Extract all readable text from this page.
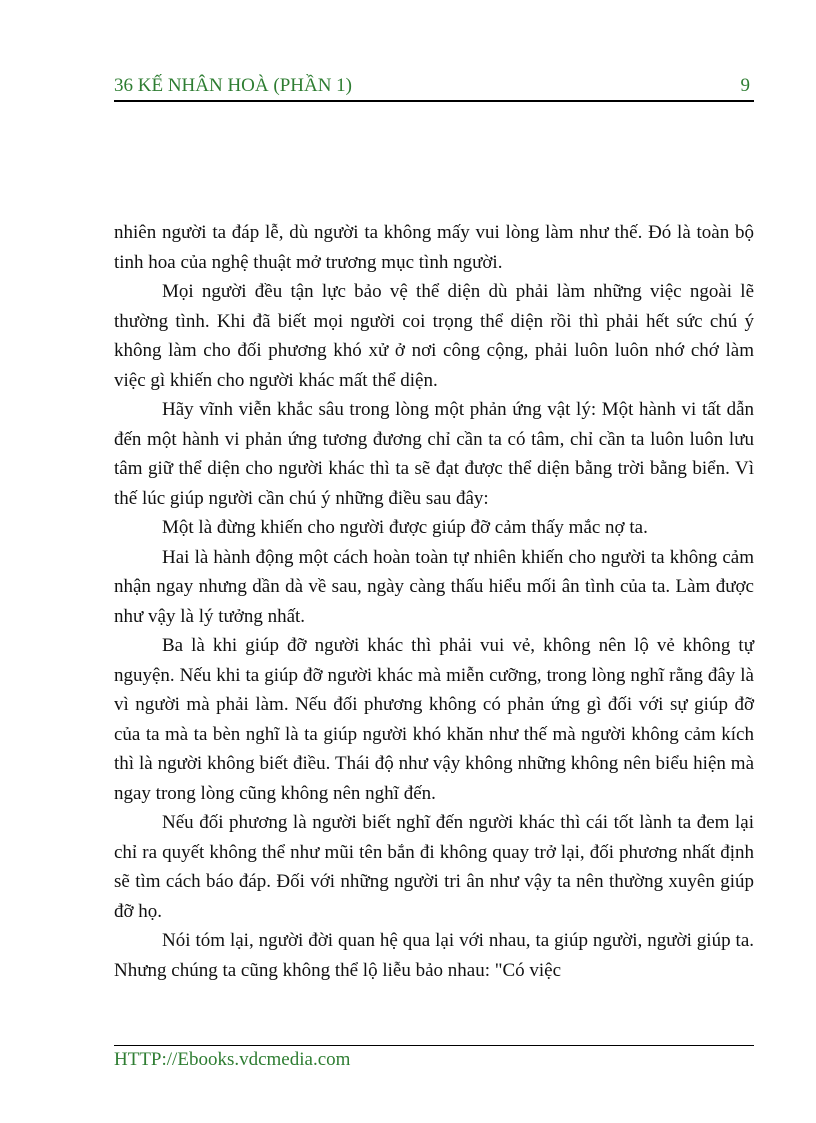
36 KẾ NHÂN HOÀ (PHẦN 1)	9

nhiên người ta đáp lễ, dù người ta không mấy vui lòng làm như thế. Đó là toàn bộ tinh hoa của nghệ thuật mở trương mục tình người.

Mọi người đều tận lực bảo vệ thể diện dù phải làm những việc ngoài lẽ thường tình. Khi đã biết mọi người coi trọng thể diện rồi thì phải hết sức chú ý không làm cho đối phương khó xử ở nơi công cộng, phải luôn luôn nhớ chớ làm việc gì khiến cho người khác mất thể diện.

Hãy vĩnh viễn khắc sâu trong lòng một phản ứng vật lý: Một hành vi tất dẫn đến một hành vi phản ứng tương đương chỉ cần ta có tâm, chỉ cần ta luôn luôn lưu tâm giữ thể diện cho người khác thì ta sẽ đạt được thể diện bằng trời bằng biển. Vì thế lúc giúp người cần chú ý những điều sau đây:

Một là đừng khiến cho người được giúp đỡ cảm thấy mắc nợ ta.

Hai là hành động một cách hoàn toàn tự nhiên khiến cho người ta không cảm nhận ngay nhưng dần dà về sau, ngày càng thấu hiểu mối ân tình của ta. Làm được như vậy là lý tưởng nhất.

Ba là khi giúp đỡ người khác thì phải vui vẻ, không nên lộ vẻ không tự nguyện. Nếu khi ta giúp đỡ người khác mà miễn cưỡng, trong lòng nghĩ rằng đây là vì người mà phải làm. Nếu đối phương không có phản ứng gì đối với sự giúp đỡ của ta mà ta bèn nghĩ là ta giúp người khó khăn như thế mà người không cảm kích thì là người không biết điều. Thái độ như vậy không những không nên biểu hiện mà ngay trong lòng cũng không nên nghĩ đến.

Nếu đối phương là người biết nghĩ đến người khác thì cái tốt lành ta đem lại chỉ ra quyết không thể như mũi tên bắn đi không quay trở lại, đối phương nhất định sẽ tìm cách báo đáp. Đối với những người tri ân như vậy ta nên thường xuyên giúp đỡ họ.

Nói tóm lại, người đời quan hệ qua lại với nhau, ta giúp người, người giúp ta. Nhưng chúng ta cũng không thể lộ liễu bảo nhau: "Có việc

HTTP://Ebooks.vdcmedia.com
